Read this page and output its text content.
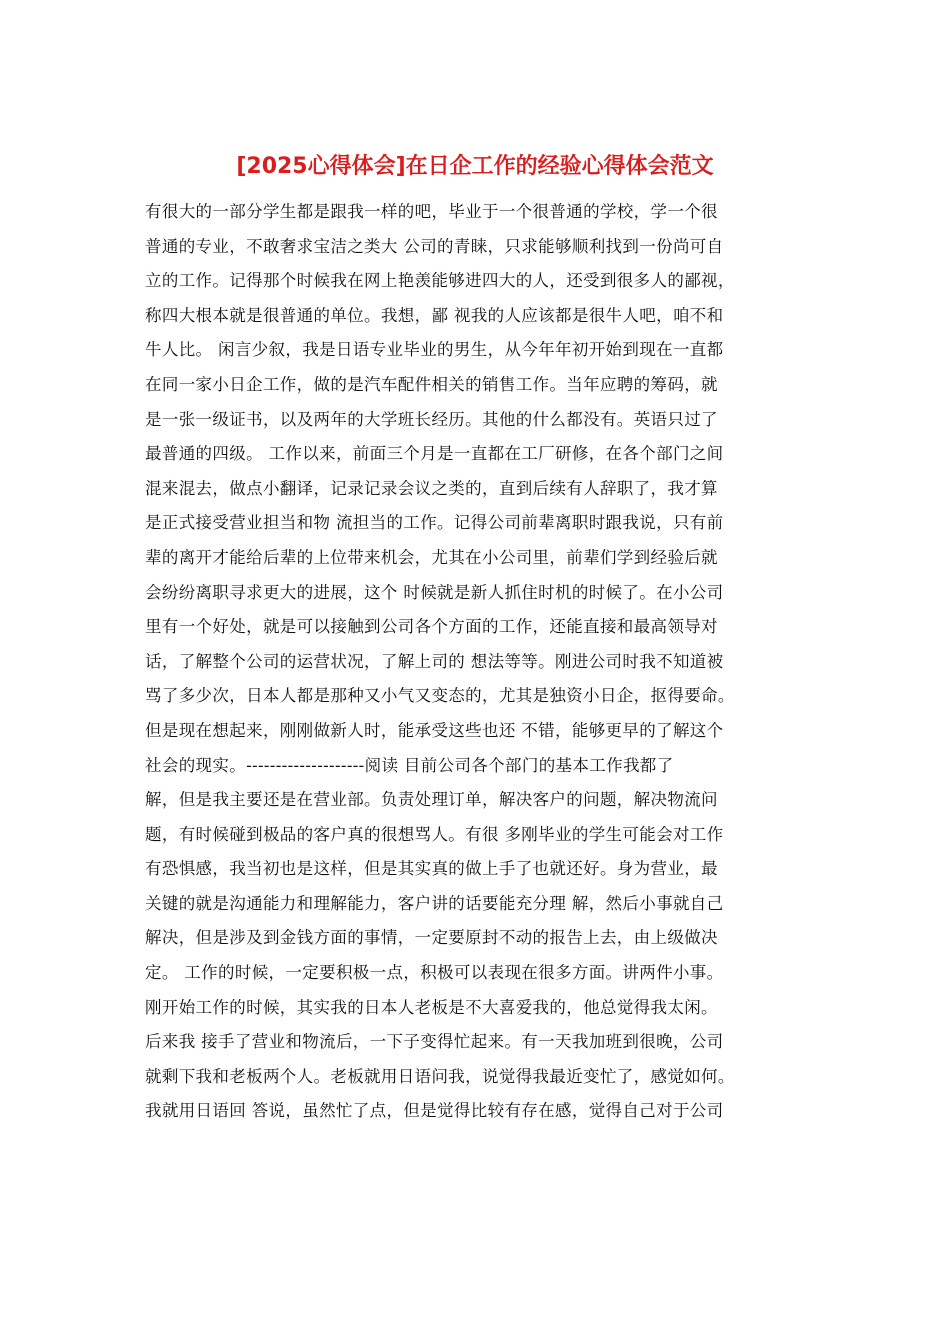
[2025心得体会]在日企工作的经验心得体会范文
有很大的一部分学生都是跟我一样的吧，毕业于一个很普通的学校，学一个很
普通的专业，不敢奢求宝洁之类大 公司的青睐，只求能够顺利找到一份尚可自
立的工作。记得那个时候我在网上艳羡能够进四大的人，还受到很多人的鄙视，
称四大根本就是很普通的单位。我想，鄙 视我的人应该都是很牛人吧，咱不和
牛人比。 闲言少叙，我是日语专业毕业的男生，从今年年初开始到现在一直都
在同一家小日企工作，做的是汽车配件相关的销售工作。当年应聘的筹码，就
是一张一级证书，以及两年的大学班长经历。其他的什么都没有。英语只过了
最普通的四级。 工作以来，前面三个月是一直都在工厂研修，在各个部门之间
混来混去，做点小翻译，记录记录会议之类的，直到后续有人辞职了，我才算
是正式接受营业担当和物 流担当的工作。记得公司前辈离职时跟我说，只有前
辈的离开才能给后辈的上位带来机会，尤其在小公司里，前辈们学到经验后就
会纷纷离职寻求更大的进展，这个 时候就是新人抓住时机的时候了。在小公司
里有一个好处，就是可以接触到公司各个方面的工作，还能直接和最高领导对
话，了解整个公司的运营状况，了解上司的 想法等等。刚进公司时我不知道被
骂了多少次，日本人都是那种又小气又变态的，尤其是独资小日企，抠得要命。
但是现在想起来，刚刚做新人时，能承受这些也还 不错，能够更早的了解这个
社会的现实。--------------------阅读 目前公司各个部门的基本工作我都了
解，但是我主要还是在营业部。负责处理订单，解决客户的问题，解决物流问
题，有时候碰到极品的客户真的很想骂人。有很 多刚毕业的学生可能会对工作
有恐惧感，我当初也是这样，但是其实真的做上手了也就还好。身为营业，最
关键的就是沟通能力和理解能力，客户讲的话要能充分理 解，然后小事就自己
解决，但是涉及到金钱方面的事情，一定要原封不动的报告上去，由上级做决
定。 工作的时候，一定要积极一点，积极可以表现在很多方面。讲两件小事。
刚开始工作的时候，其实我的日本人老板是不大喜爱我的，他总觉得我太闲。
后来我 接手了营业和物流后，一下子变得忙起来。有一天我加班到很晚，公司
就剩下我和老板两个人。老板就用日语问我，说觉得我最近变忙了，感觉如何。
我就用日语回 答说，虽然忙了点，但是觉得比较有存在感，觉得自己对于公司
